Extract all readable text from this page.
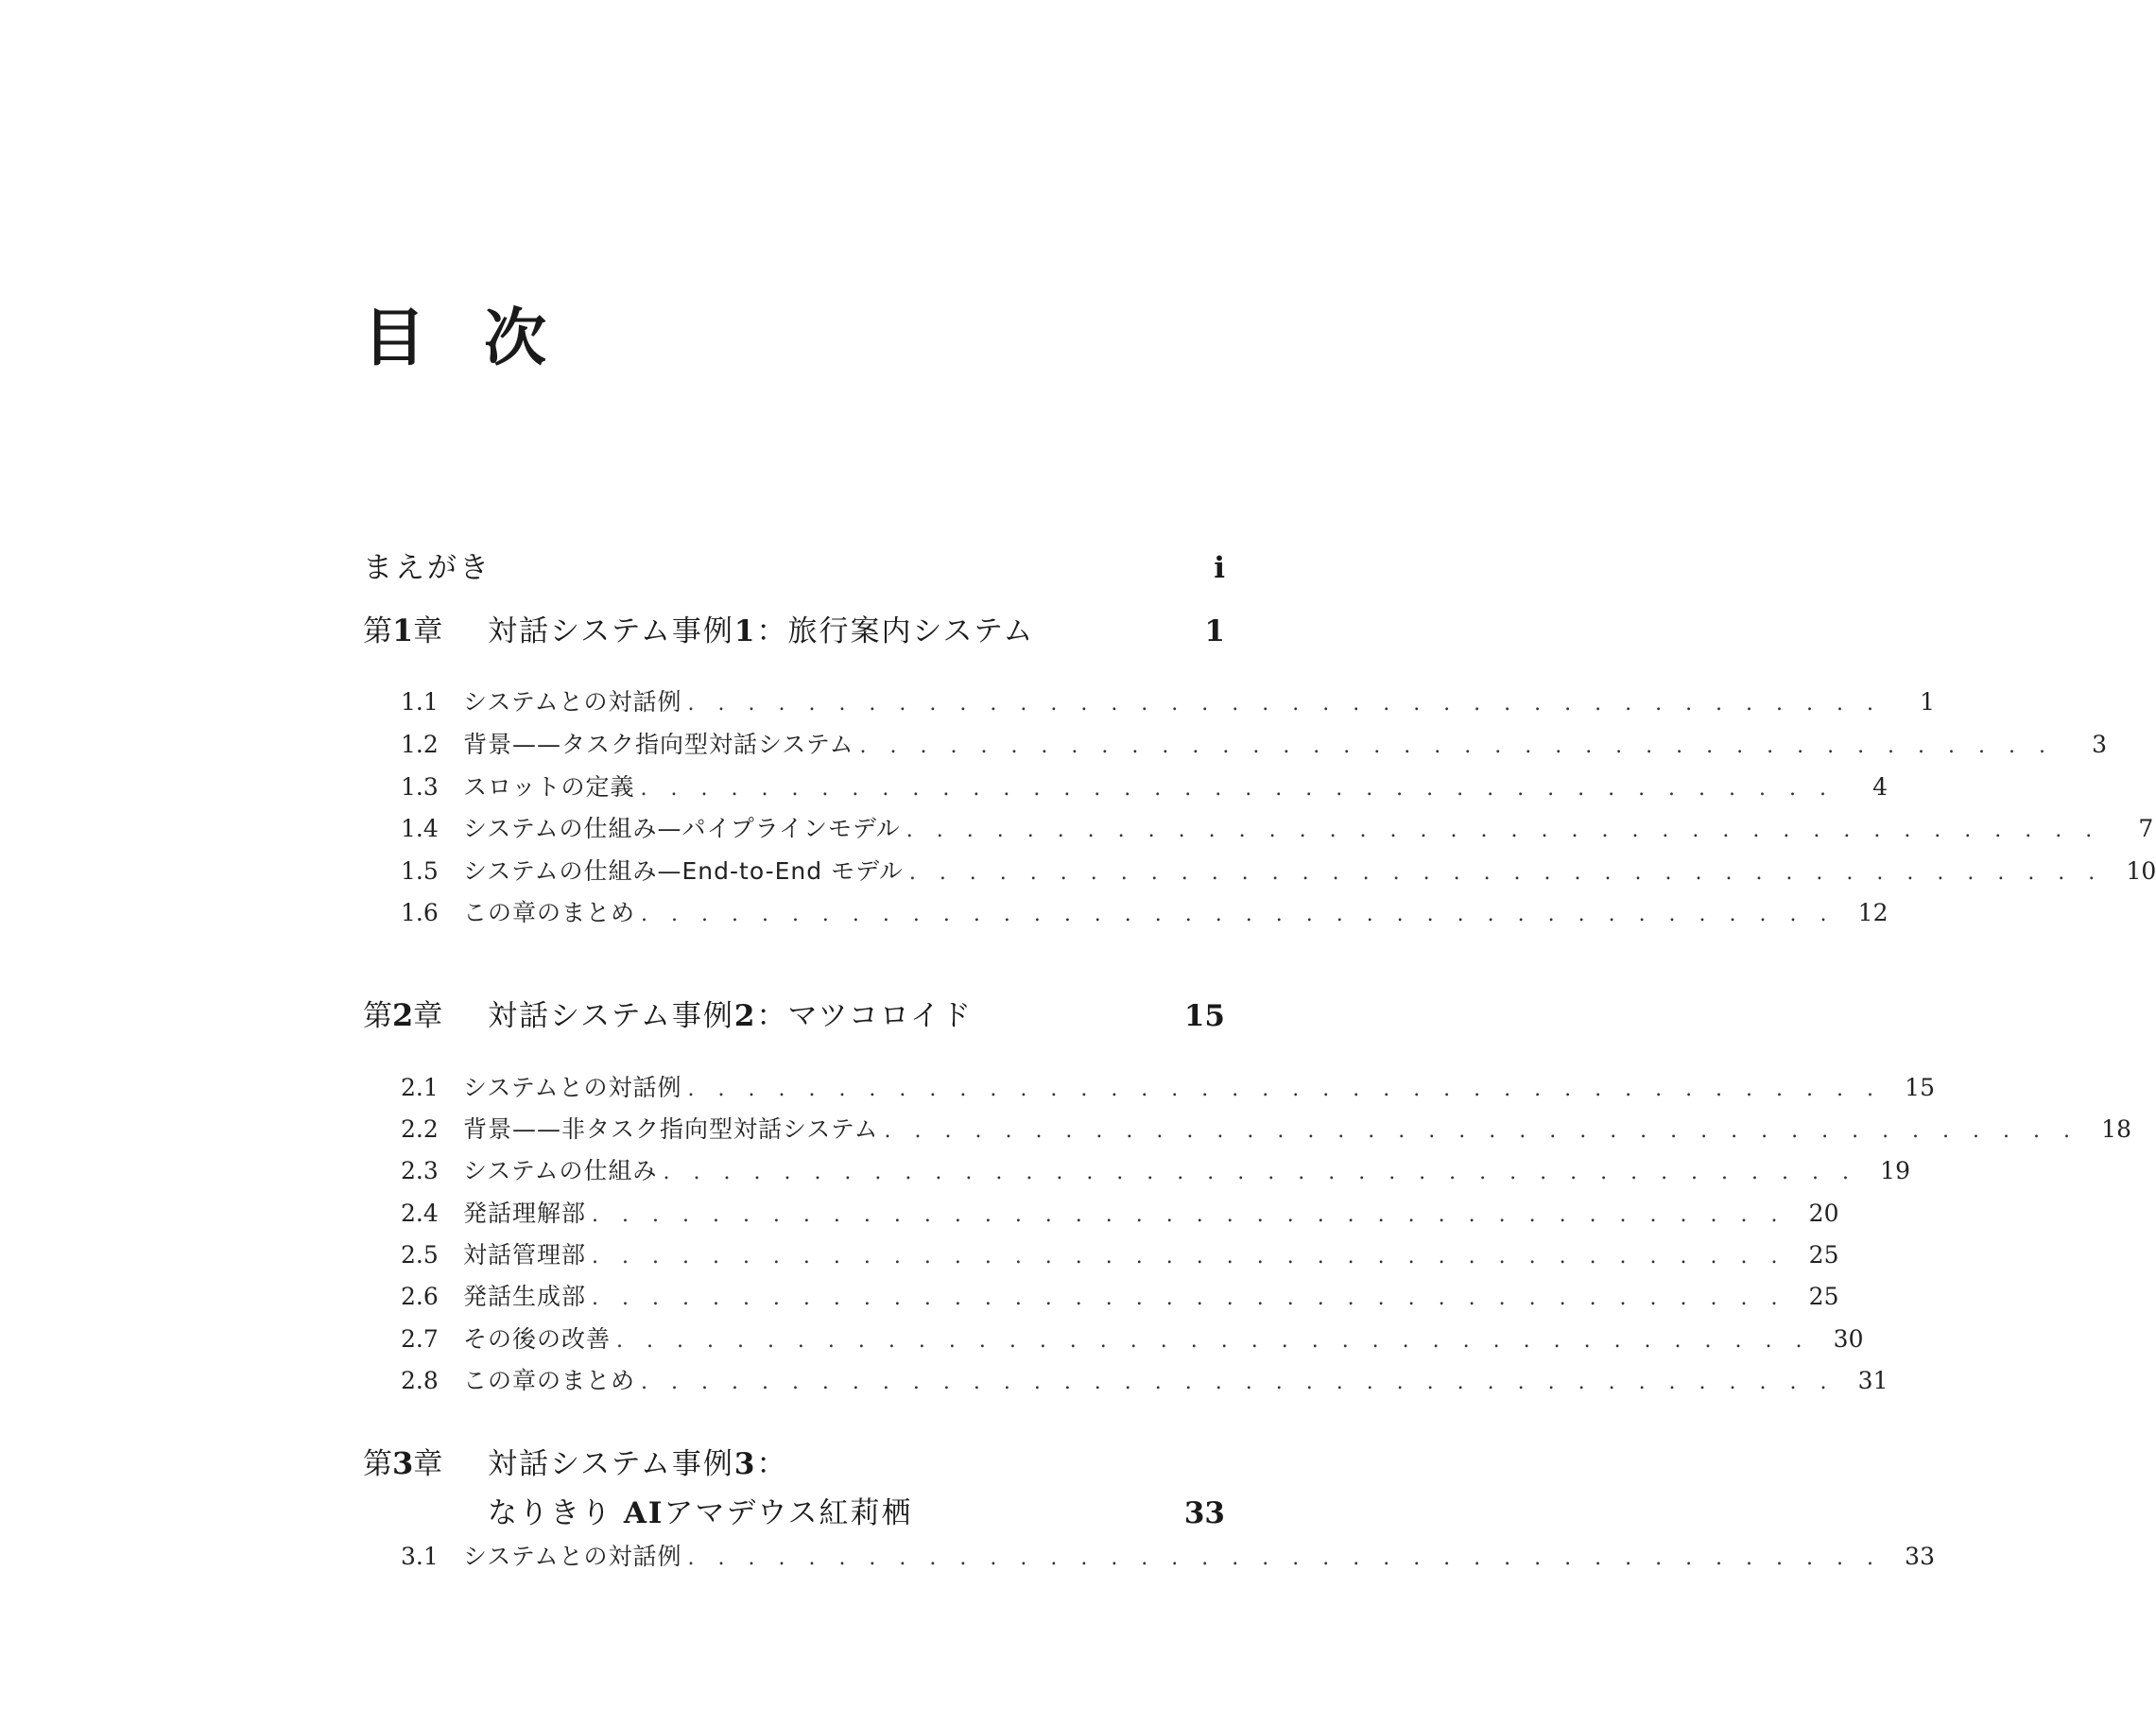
目次
まえがき	i
第1章	対話システム事例1：旅行案内システム	1
1.1	システムとの対話例 . . . . . . . . . . . . . . . . . . . . . . . . . . . . . . . . . . . . . . . .	1
1.2	背景——タスク指向型対話システム . . . . . . . . . . . . . . . . . . . . . . . . . . . . . . . . . . . . . . . .	3
1.3	スロットの定義 . . . . . . . . . . . . . . . . . . . . . . . . . . . . . . . . . . . . . . . .	4
1.4	システムの仕組み—パイプラインモデル . . . . . . . . . . . . . . . . . . . . . . . . . . . . . . . . . . . . . . . .	7
1.5	システムの仕組み—End-to-End モデル . . . . . . . . . . . . . . . . . . . . . . . . . . . . . . . . . . . . . . . . 10
1.6	この章のまとめ . . . . . . . . . . . . . . . . . . . . . . . . . . . . . . . . . . . . . . . . 12
第2章	対話システム事例2：マツコロイド	15
2.1	システムとの対話例 . . . . . . . . . . . . . . . . . . . . . . . . . . . . . . . . . . . . . . . . 15
2.2	背景——非タスク指向型対話システム . . . . . . . . . . . . . . . . . . . . . . . . . . . . . . . . . . . . . . . . 18
2.3	システムの仕組み . . . . . . . . . . . . . . . . . . . . . . . . . . . . . . . . . . . . . . . . 19
2.4	発話理解部 . . . . . . . . . . . . . . . . . . . . . . . . . . . . . . . . . . . . . . . . 20
2.5	対話管理部 . . . . . . . . . . . . . . . . . . . . . . . . . . . . . . . . . . . . . . . . 25
2.6	発話生成部 . . . . . . . . . . . . . . . . . . . . . . . . . . . . . . . . . . . . . . . . 25
2.7	その後の改善 . . . . . . . . . . . . . . . . . . . . . . . . . . . . . . . . . . . . . . . . 30
2.8	この章のまとめ . . . . . . . . . . . . . . . . . . . . . . . . . . . . . . . . . . . . . . . . 31
第3章	対話システム事例3：
なりきり AIアマデウス紅莉栖	33
3.1	システムとの対話例 . . . . . . . . . . . . . . . . . . . . . . . . . . . . . . . . . . . . . . . . 33
